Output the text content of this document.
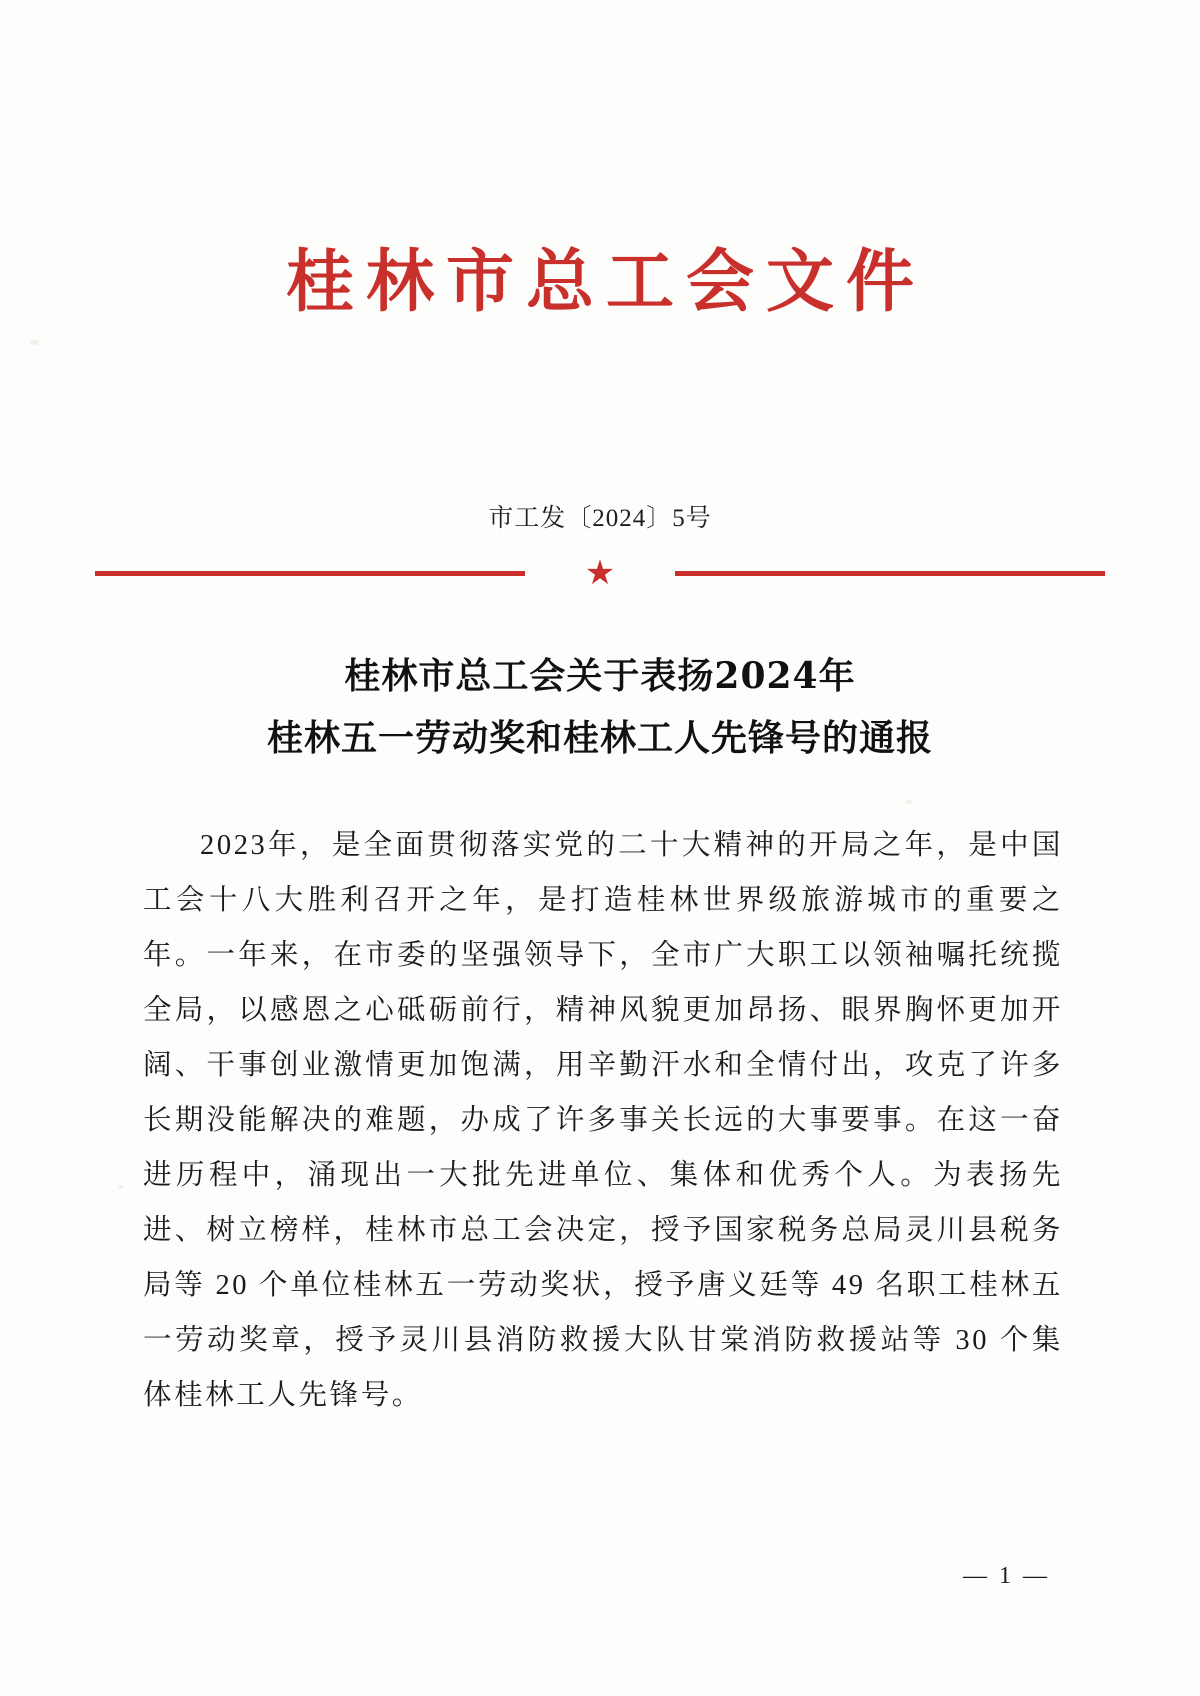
桂林市总工会文件
市工发〔2024〕5号
★
桂林市总工会关于表扬2024年
桂林五一劳动奖和桂林工人先锋号的通报

2023年，是全面贯彻落实党的二十大精神的开局之年，是中国工会十八大胜利召开之年，是打造桂林世界级旅游城市的重要之年。一年来，在市委的坚强领导下，全市广大职工以领袖嘱托统揽全局，以感恩之心砥砺前行，精神风貌更加昂扬、眼界胸怀更加开阔、干事创业激情更加饱满，用辛勤汗水和全情付出，攻克了许多长期没能解决的难题，办成了许多事关长远的大事要事。在这一奋进历程中，涌现出一大批先进单位、集体和优秀个人。为表扬先进、树立榜样，桂林市总工会决定，授予国家税务总局灵川县税务局等 20 个单位桂林五一劳动奖状，授予唐义廷等 49 名职工桂林五一劳动奖章，授予灵川县消防救援大队甘棠消防救援站等 30 个集体桂林工人先锋号。

— 1 —
